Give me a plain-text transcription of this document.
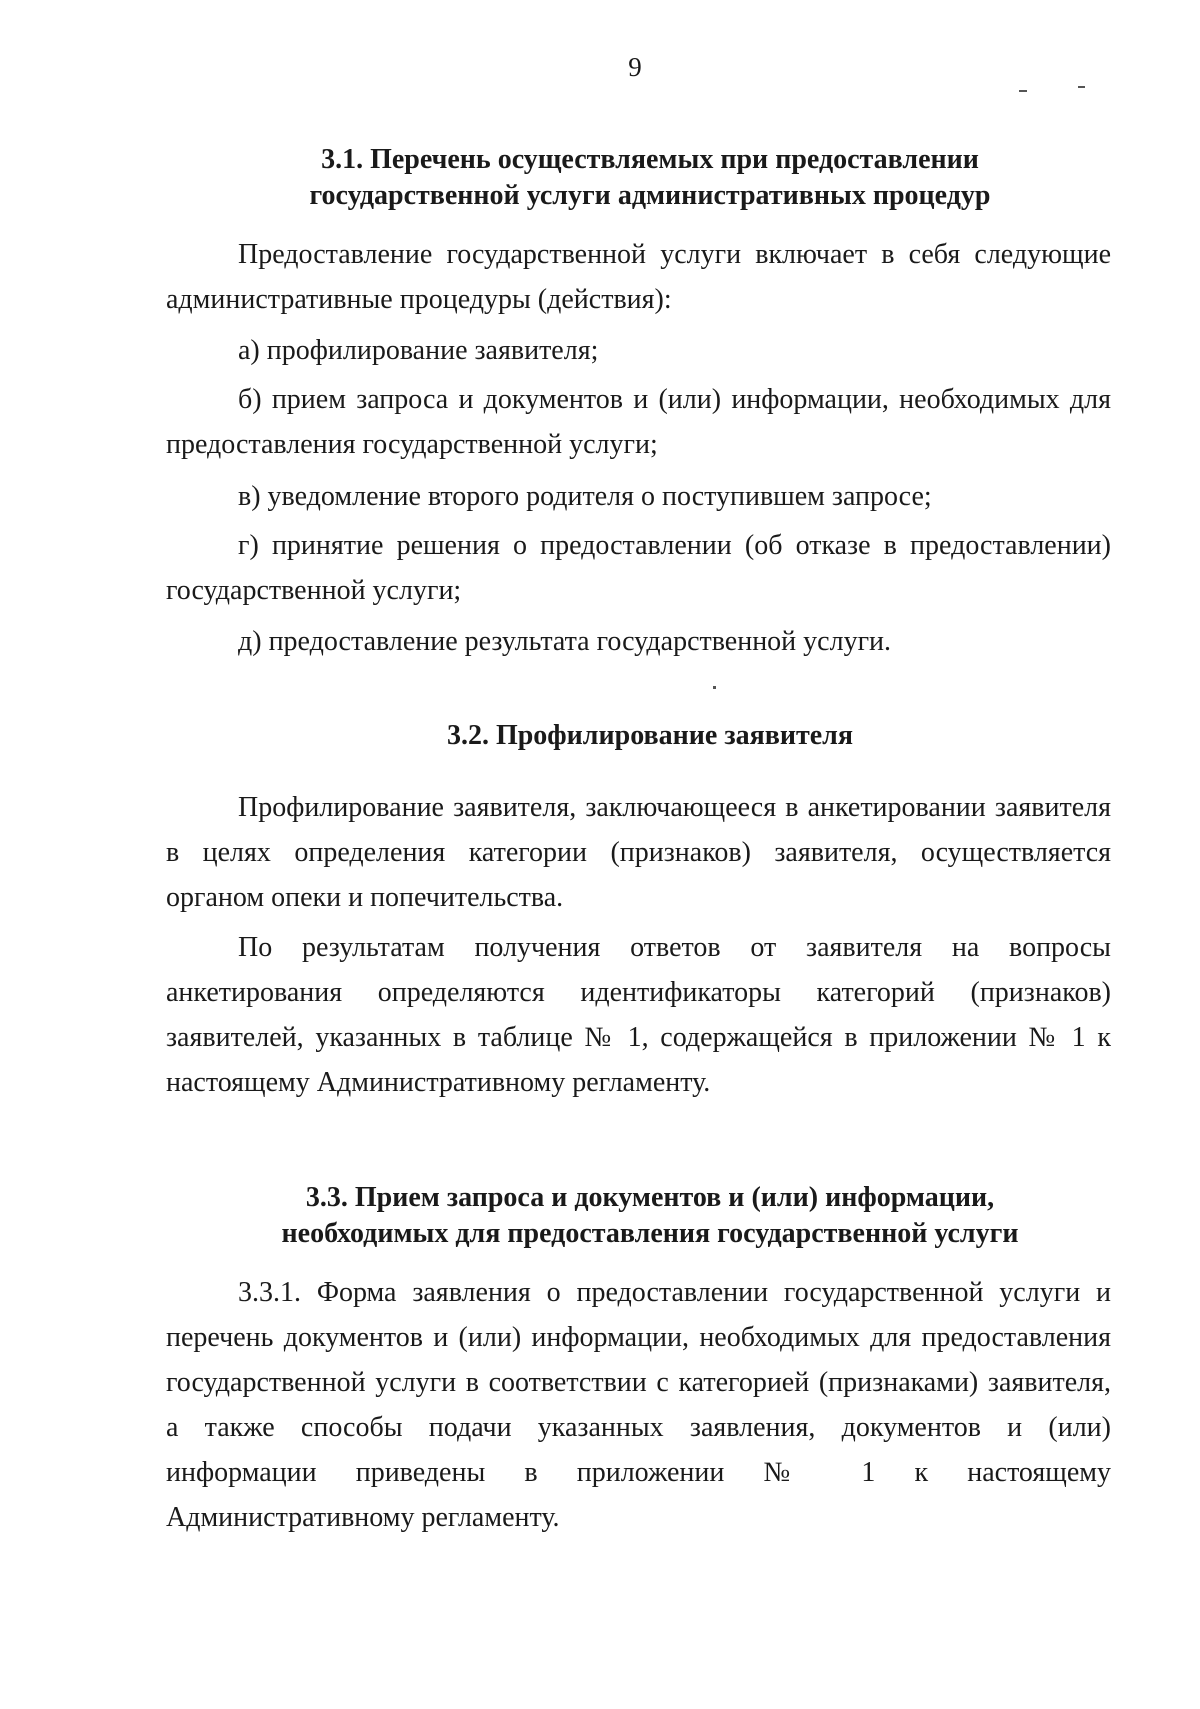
9
3.1. Перечень осуществляемых при предоставлении
государственной услуги административных процедур
Предоставление государственной услуги включает в себя следующие
административные процедуры (действия):
а) профилирование заявителя;
б) прием запроса и документов и (или) информации, необходимых для
предоставления государственной услуги;
в) уведомление второго родителя о поступившем запросе;
г) принятие решения о предоставлении (об отказе в предоставлении)
государственной услуги;
д) предоставление результата государственной услуги.
3.2. Профилирование заявителя
Профилирование заявителя, заключающееся в анкетировании заявителя
в целях определения категории (признаков) заявителя, осуществляется
органом опеки и попечительства.
По результатам получения ответов от заявителя на вопросы
анкетирования определяются идентификаторы категорий (признаков)
заявителей, указанных в таблице № 1, содержащейся в приложении № 1 к
настоящему Административному регламенту.
3.3. Прием запроса и документов и (или) информации,
необходимых для предоставления государственной услуги
3.3.1. Форма заявления о предоставлении государственной услуги и
перечень документов и (или) информации, необходимых для предоставления
государственной услуги в соответствии с категорией (признаками) заявителя,
а также способы подачи указанных заявления, документов и (или)
информации приведены в приложении № 1 к настоящему
Административному регламенту.
